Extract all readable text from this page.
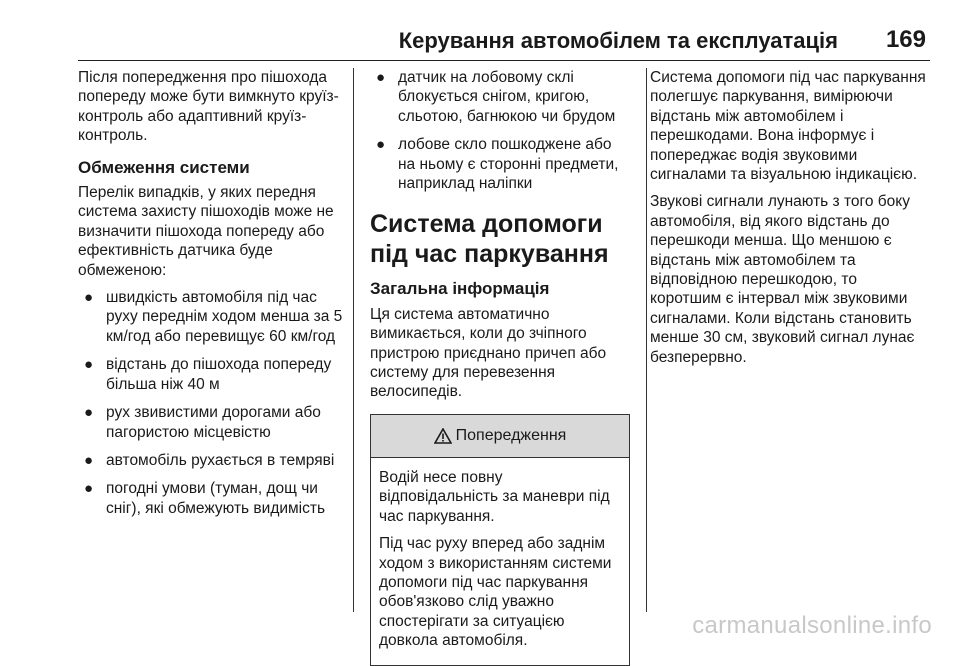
Керування автомобілем та експлуатація 169

Після попередження про пішохода попереду може бути вимкнуто круїз-контроль або адаптивний круїз-контроль.

Обмеження системи

Перелік випадків, у яких передня система захисту пішоходів може не визначити пішохода попереду або ефективність датчика буде обмеженою:

● швидкість автомобіля під час руху переднім ходом менша за 5 км/год або перевищує 60 км/год
● відстань до пішохода попереду більша ніж 40 м
● рух звивистими дорогами або пагористою місцевістю
● автомобіль рухається в темряві
● погодні умови (туман, дощ чи сніг), які обмежують видимість
● датчик на лобовому склі блокується снігом, кригою, сльотою, багнюкою чи брудом
● лобове скло пошкоджене або на ньому є сторонні предмети, наприклад наліпки
Система допомоги під час паркування
Загальна інформація

Ця система автоматично вимикається, коли до зчіпного пристрою приєднано причеп або систему для перевезення велосипедів.

Попередження

Водій несе повну відповідальність за маневри під час паркування.

Під час руху вперед або заднім ходом з використанням системи допомоги під час паркування обов'язково слід уважно спостерігати за ситуацією довкола автомобіля.

Система допомоги під час паркування полегшує паркування, вимірюючи відстань між автомобілем і перешкодами. Вона інформує і попереджає водія звуковими сигналами та візуальною індикацією.

Звукові сигнали лунають з того боку автомобіля, від якого відстань до перешкоди менша. Що меншою є відстань між автомобілем та відповідною перешкодою, то коротшим є інтервал між звуковими сигналами. Коли відстань становить менше 30 см, звуковий сигнал лунає безперервно.

carmanualsonline.info
